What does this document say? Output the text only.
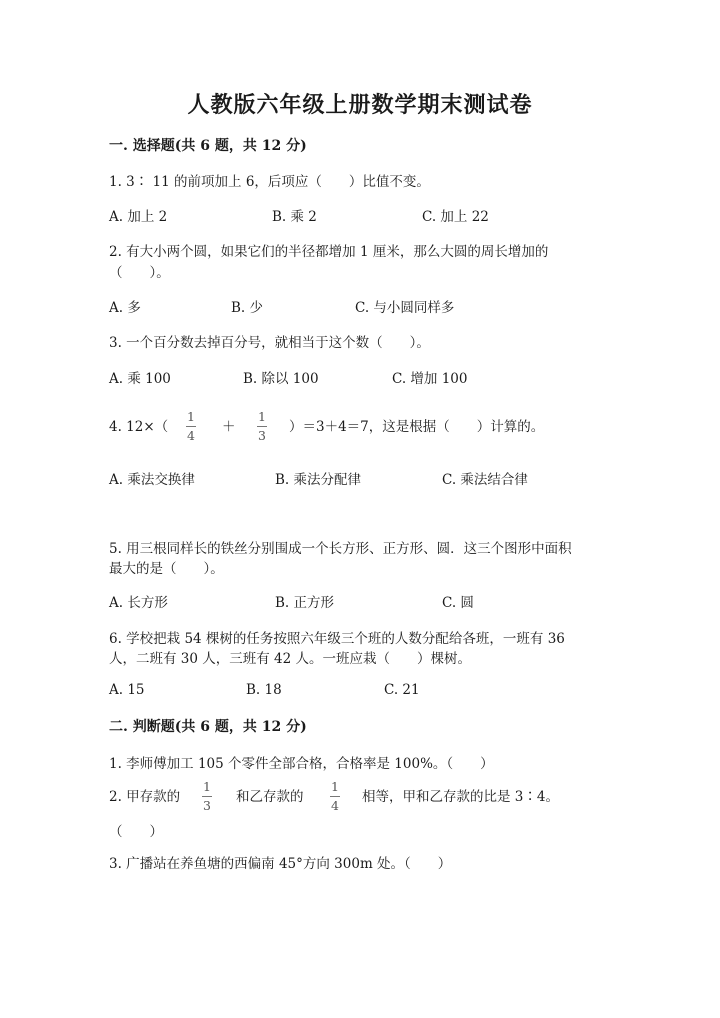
人教版六年级上册数学期末测试卷
一. 选择题(共 6 题，共 12 分)
1. 3∶ 11 的前项加上 6，后项应（　　）比值不变。
A. 加上 2	B. 乘 2	C. 加上 22
2. 有大小两个圆，如果它们的半径都增加 1 厘米，那么大圆的周长增加的
（　　）。
A. 多	B. 少	C. 与小圆同样多
3. 一个百分数去掉百分号，就相当于这个数（　　）。
A. 乘 100	B. 除以 100	C. 增加 100
4. 12×（
1
4
＋
1
3
）＝3＋4＝7，这是根据（　　）计算的。
A. 乘法交换律	B. 乘法分配律	C. 乘法结合律
5. 用三根同样长的铁丝分别围成一个长方形、正方形、圆．这三个图形中面积
最大的是（　　）。
A. 长方形	B. 正方形	C. 圆
6. 学校把栽 54 棵树的任务按照六年级三个班的人数分配给各班，一班有 36
人，二班有 30 人，三班有 42 人。一班应栽（　　）棵树。
A. 15	B. 18	C. 21
二. 判断题(共 6 题，共 12 分)
1. 李师傅加工 105 个零件全部合格，合格率是 100%。（　　）
2. 甲存款的
1
3
和乙存款的
1
4
相等，甲和乙存款的比是 3∶4。
（　　）
3. 广播站在养鱼塘的西偏南 45°方向 300m 处。（　　）
